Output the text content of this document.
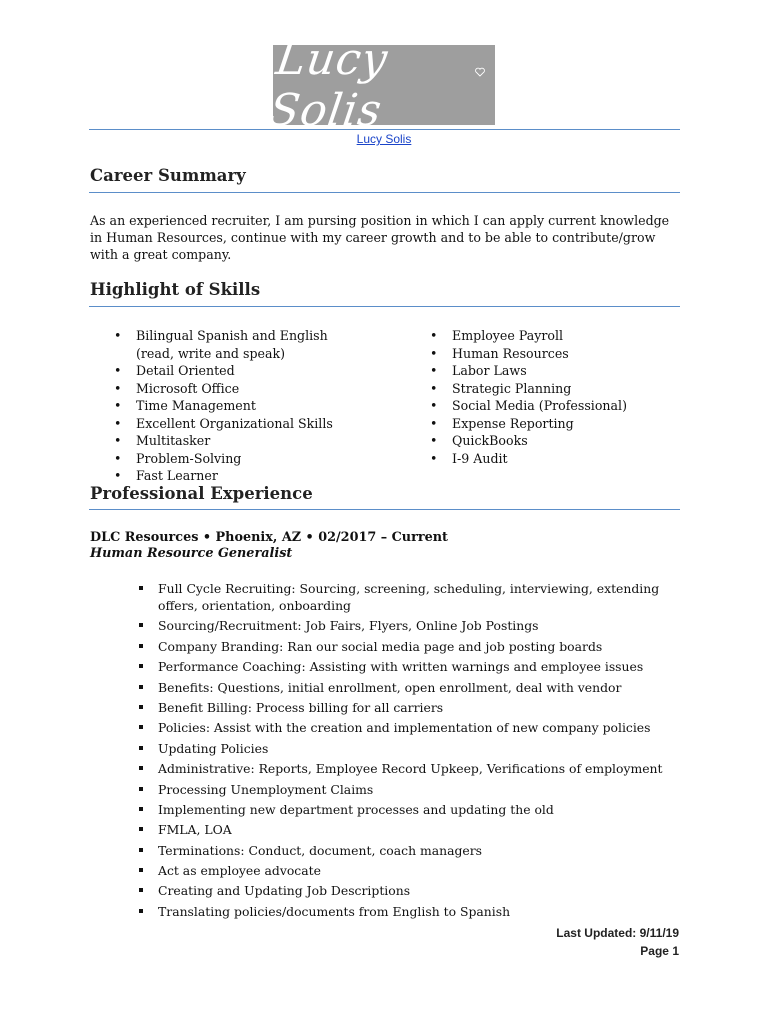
Lucy Solis
Lucy Solis
Career Summary
As an experienced recruiter, I am pursing position in which I can apply current knowledge in Human Resources, continue with my career growth and to be able to contribute/grow with a great company.
Highlight of Skills
• Bilingual Spanish and English (read, write and speak)
• Detail Oriented
• Microsoft Office
• Time Management
• Excellent Organizational Skills
• Multitasker
• Problem-Solving
• Fast Learner
• Employee Payroll
• Human Resources
• Labor Laws
• Strategic Planning
• Social Media (Professional)
• Expense Reporting
• QuickBooks
• I-9 Audit
Professional Experience
DLC Resources • Phoenix, AZ • 02/2017 – Current
Human Resource Generalist
Full Cycle Recruiting: Sourcing, screening, scheduling, interviewing, extending offers, orientation, onboarding
Sourcing/Recruitment: Job Fairs, Flyers, Online Job Postings
Company Branding: Ran our social media page and job posting boards
Performance Coaching: Assisting with written warnings and employee issues
Benefits: Questions, initial enrollment, open enrollment, deal with vendor
Benefit Billing: Process billing for all carriers
Policies: Assist with the creation and implementation of new company policies
Updating Policies
Administrative: Reports, Employee Record Upkeep, Verifications of employment
Processing Unemployment Claims
Implementing new department processes and updating the old
FMLA, LOA
Terminations: Conduct, document, coach managers
Act as employee advocate
Creating and Updating Job Descriptions
Translating policies/documents from English to Spanish
Last Updated: 9/11/19
Page 1
